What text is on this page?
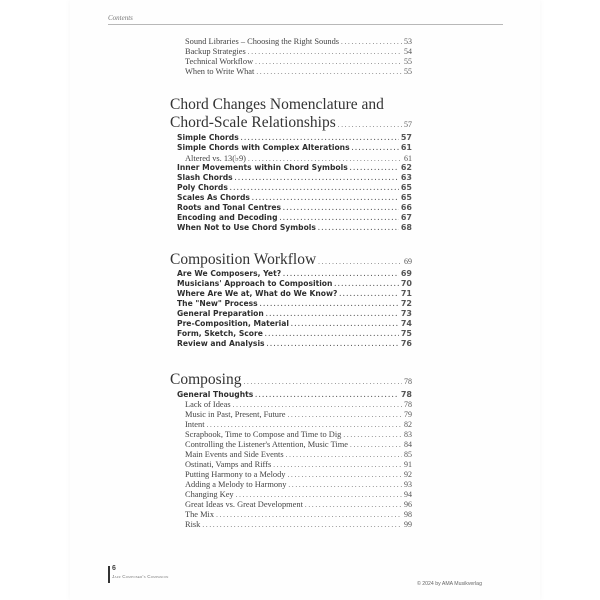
Contents
Sound Libraries – Choosing the Right Sounds . . .	53
Backup Strategies . . .	54
Technical Workflow . . .	55
When to Write What . . .	55
Chord Changes Nomenclature and
Chord-Scale Relationships . . .	57
Simple Chords . . .	57
Simple Chords with Complex Alterations . . .	61
Altered vs. 13(♭9) . . .	61
Inner Movements within Chord Symbols . . .	62
Slash Chords . . .	63
Poly Chords . . .	65
Scales As Chords . . .	65
Roots and Tonal Centres . . .	66
Encoding and Decoding . . .	67
When Not to Use Chord Symbols . . .	68
Composition Workflow . . .	69
Are We Composers, Yet? . . .	69
Musicians' Approach to Composition . . .	70
Where Are We at, What do We Know? . . .	71
The "New" Process . . .	72
General Preparation . . .	73
Pre-Composition, Material . . .	74
Form, Sketch, Score . . .	75
Review and Analysis . . .	76
Composing . . .	78
General Thoughts . . .	78
Lack of Ideas . . .	78
Music in Past, Present, Future . . .	79
Intent . . .	82
Scrapbook, Time to Compose and Time to Dig . . .	83
Controlling the Listener's Attention, Music Time . . .	84
Main Events and Side Events . . .	85
Ostinati, Vamps and Riffs . . .	91
Putting Harmony to a Melody . . .	92
Adding a Melody to Harmony . . .	93
Changing Key . . .	94
Great Ideas vs. Great Development . . .	96
The Mix . . .	98
Risk . . .	99
6
Jazz Composer's Companion
© 2024 by AMA Musikverlag
